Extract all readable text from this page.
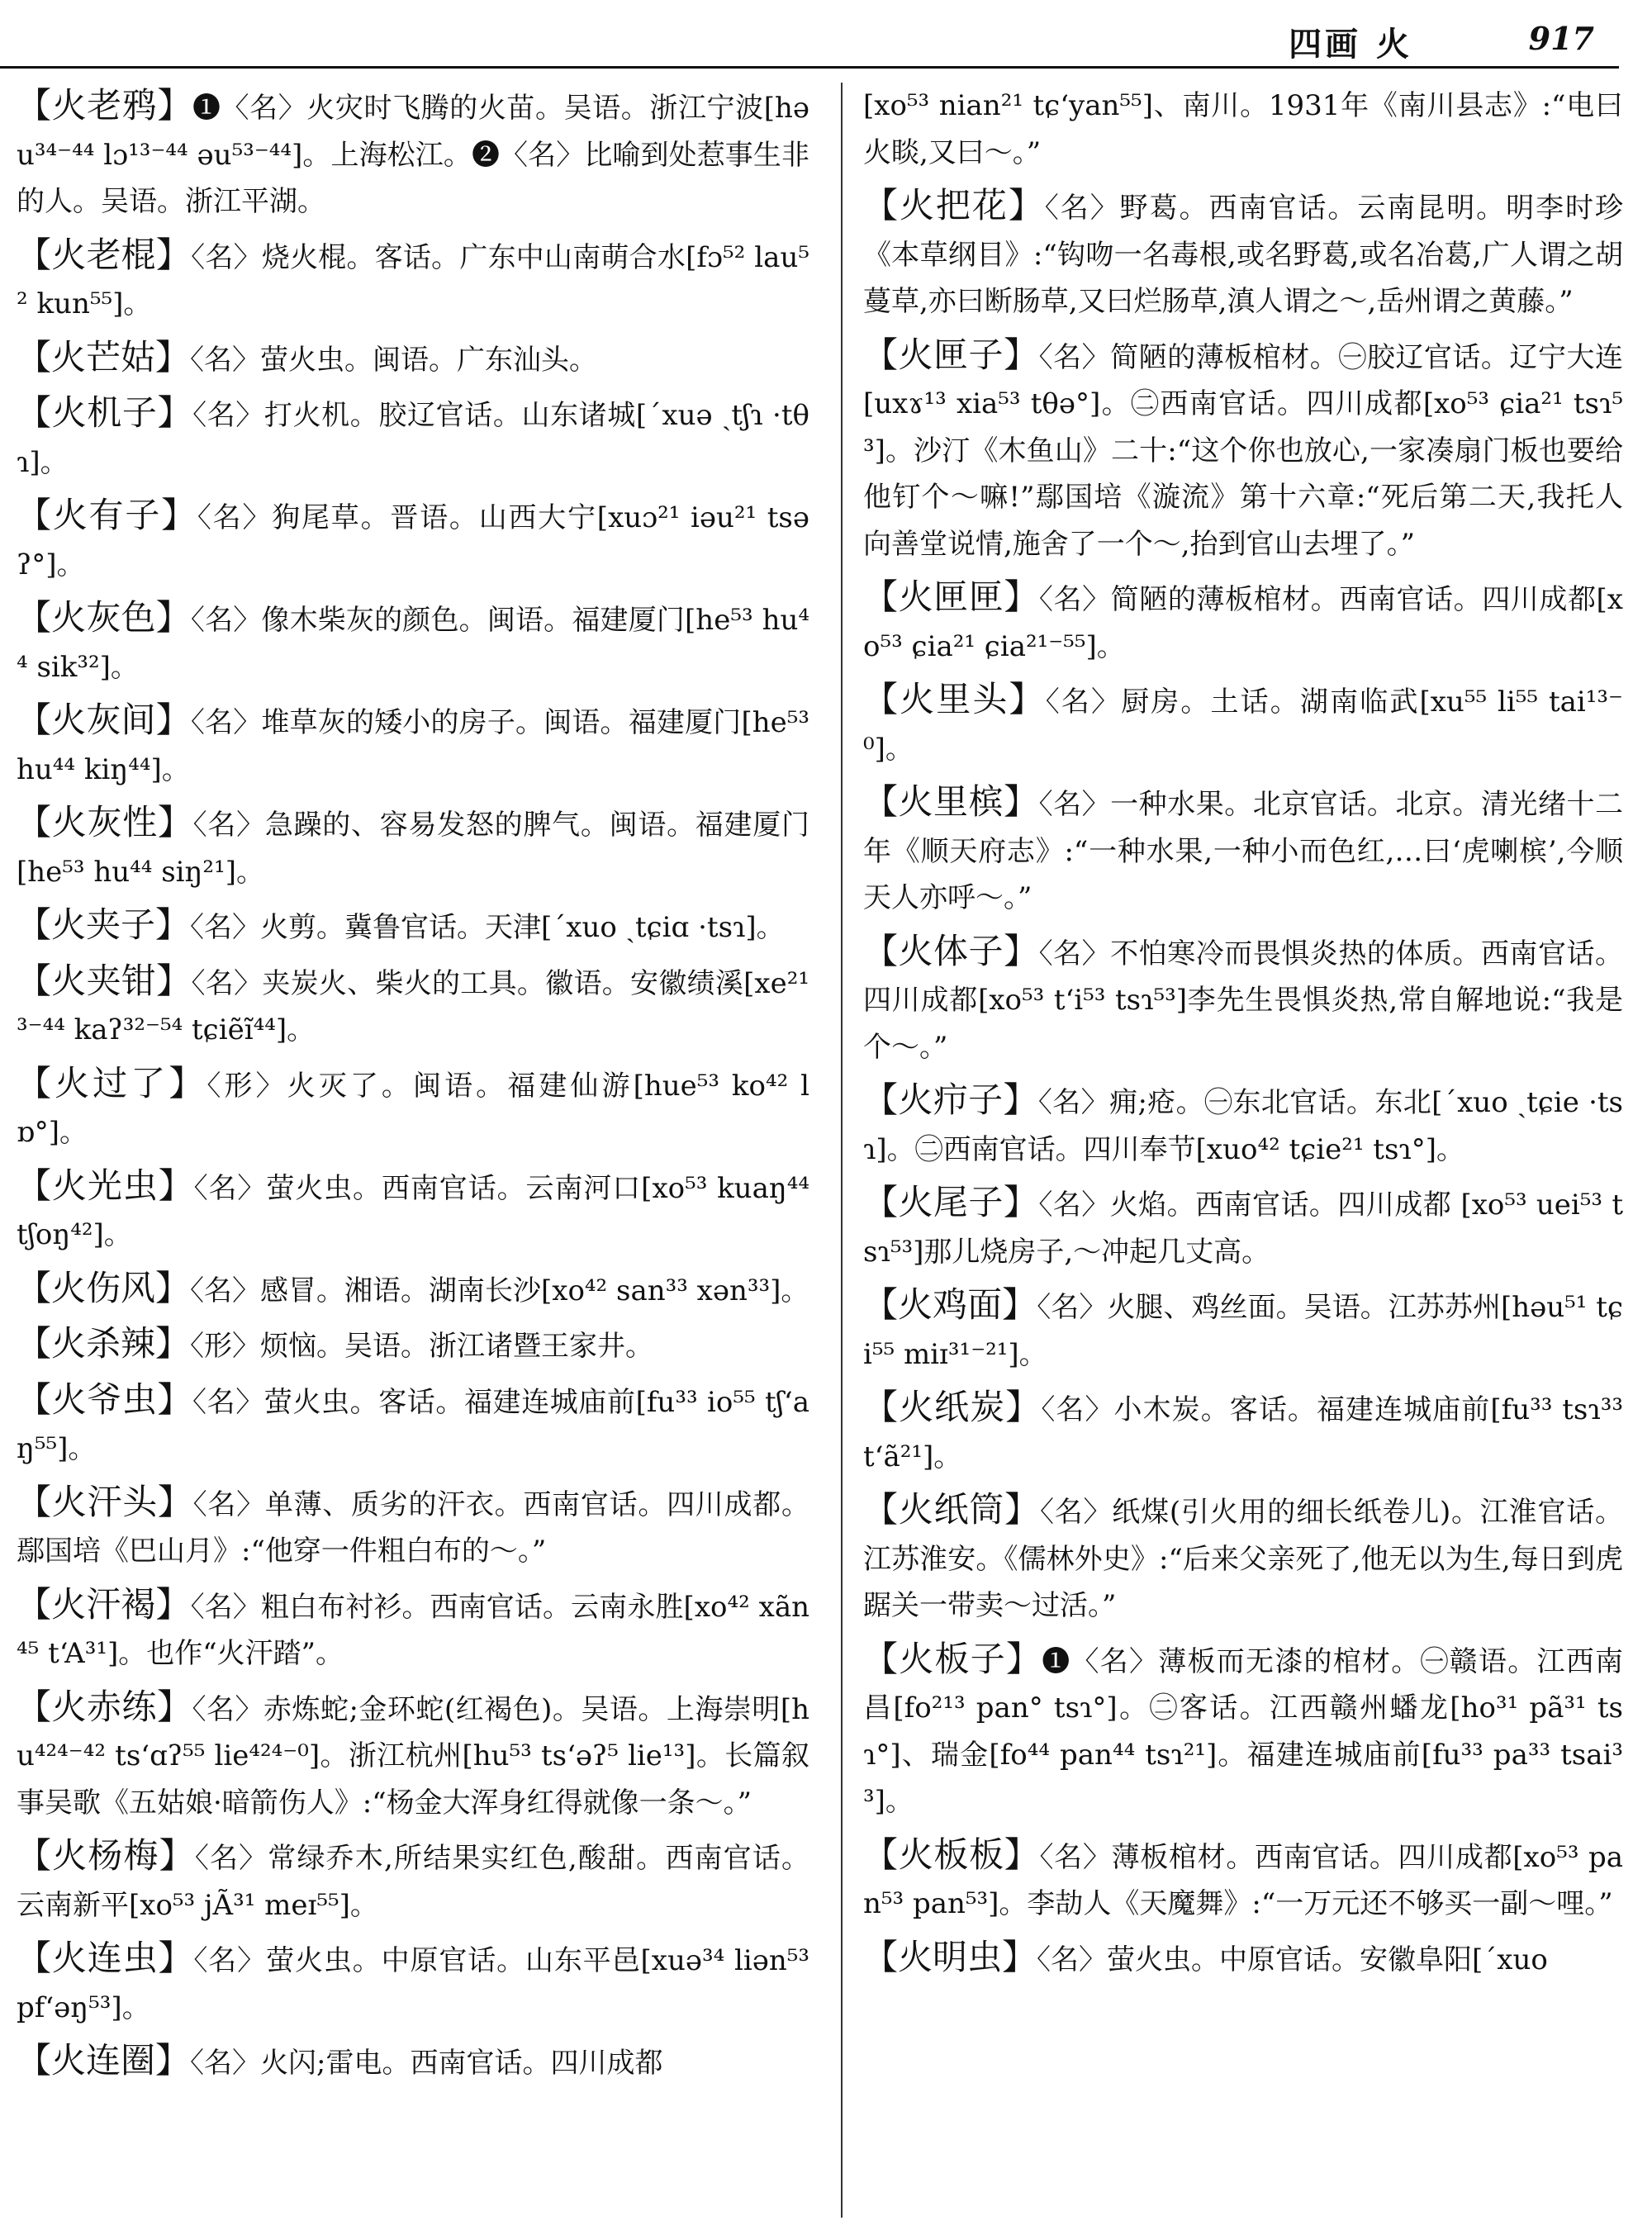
四画 火	917

【火老鸦】❶〈名〉火灾时飞腾的火苗。吴语。浙江宁波[həu³⁴⁻⁴⁴ lɔ¹³⁻⁴⁴ əu⁵³⁻⁴⁴]。上海松江。❷〈名〉比喻到处惹事生非的人。吴语。浙江平湖。

【火老棍】〈名〉烧火棍。客话。广东中山南萌合水[fɔ⁵² lau⁵² kun⁵⁵]。

【火芒姑】〈名〉萤火虫。闽语。广东汕头。

【火机子】〈名〉打火机。胶辽官话。山东诸城[ˊxuə ˏtʃɿ ·tθɿ]。

【火有子】〈名〉狗尾草。晋语。山西大宁[xuɔ²¹ iəu²¹ tsəʔ°]。

【火灰色】〈名〉像木柴灰的颜色。闽语。福建厦门[he⁵³ hu⁴⁴ sik³²]。

【火灰间】〈名〉堆草灰的矮小的房子。闽语。福建厦门[he⁵³ hu⁴⁴ kiŋ⁴⁴]。

【火灰性】〈名〉急躁的、容易发怒的脾气。闽语。福建厦门[he⁵³ hu⁴⁴ siŋ²¹]。

【火夹子】〈名〉火剪。冀鲁官话。天津[ˊxuo ˏtɕiɑ ·tsɿ]。

【火夹钳】〈名〉夹炭火、柴火的工具。徽语。安徽绩溪[xe²¹³⁻⁴⁴ kaʔ³²⁻⁵⁴ tɕiẽĩ⁴⁴]。

【火过了】〈形〉火灭了。闽语。福建仙游[hue⁵³ ko⁴² lɒ°]。

【火光虫】〈名〉萤火虫。西南官话。云南河口[xo⁵³ kuaŋ⁴⁴ tʃoŋ⁴²]。

【火伤风】〈名〉感冒。湘语。湖南长沙[xo⁴² san³³ xən³³]。

【火杀辣】〈形〉烦恼。吴语。浙江诸暨王家井。

【火爷虫】〈名〉萤火虫。客话。福建连城庙前[fu³³ io⁵⁵ tʃʻaŋ⁵⁵]。

【火汗头】〈名〉单薄、质劣的汗衣。西南官话。四川成都。鄢国培《巴山月》:“他穿一件粗白布的～。”

【火汗褐】〈名〉粗白布衬衫。西南官话。云南永胜[xo⁴² xãn⁴⁵ tʻA³¹]。也作“火汗踏”。

【火赤练】〈名〉赤炼蛇;金环蛇(红褐色)。吴语。上海崇明[hu⁴²⁴⁻⁴² tsʻɑʔ⁵⁵ lie⁴²⁴⁻⁰]。浙江杭州[hu⁵³ tsʻəʔ⁵ lie¹³]。长篇叙事吴歌《五姑娘·暗箭伤人》:“杨金大浑身红得就像一条～。”

【火杨梅】〈名〉常绿乔木,所结果实红色,酸甜。西南官话。云南新平[xo⁵³ jÃ³¹ meɪ⁵⁵]。

【火连虫】〈名〉萤火虫。中原官话。山东平邑[xuə³⁴ liən⁵³ pfʻəŋ⁵³]。

【火连圈】〈名〉火闪;雷电。西南官话。四川成都

[xo⁵³ nian²¹ tɕʻyan⁵⁵]、南川。1931年《南川县志》:“电曰火睒,又曰～。”

【火把花】〈名〉野葛。西南官话。云南昆明。明李时珍《本草纲目》:“钩吻一名毒根,或名野葛,或名冶葛,广人谓之胡蔓草,亦曰断肠草,又曰烂肠草,滇人谓之～,岳州谓之黄藤。”

【火匣子】〈名〉简陋的薄板棺材。㊀胶辽官话。辽宁大连[uxɤ¹³ xia⁵³ tθə°]。㊁西南官话。四川成都[xo⁵³ ɕia²¹ tsɿ⁵³]。沙汀《木鱼山》二十:“这个你也放心,一家凑扇门板也要给他钉个～嘛!”鄢国培《漩流》第十六章:“死后第二天,我托人向善堂说情,施舍了一个～,抬到官山去埋了。”

【火匣匣】〈名〉简陋的薄板棺材。西南官话。四川成都[xo⁵³ ɕia²¹ ɕia²¹⁻⁵⁵]。

【火里头】〈名〉厨房。土话。湖南临武[xu⁵⁵ li⁵⁵ tai¹³⁻⁰]。

【火里槟】〈名〉一种水果。北京官话。北京。清光绪十二年《顺天府志》:“一种水果,一种小而色红,…曰‘虎喇槟’,今顺天人亦呼～。”

【火体子】〈名〉不怕寒冷而畏惧炎热的体质。西南官话。四川成都[xo⁵³ tʻi⁵³ tsɿ⁵³]李先生畏惧炎热,常自解地说:“我是个～。”

【火疖子】〈名〉痈;疮。㊀东北官话。东北[ˊxuo ˏtɕie ·tsɿ]。㊁西南官话。四川奉节[xuo⁴² tɕie²¹ tsɿ°]。

【火尾子】〈名〉火焰。西南官话。四川成都 [xo⁵³ uei⁵³ tsɿ⁵³]那儿烧房子,～冲起几丈高。

【火鸡面】〈名〉火腿、鸡丝面。吴语。江苏苏州[həu⁵¹ tɕi⁵⁵ miɪ³¹⁻²¹]。

【火纸炭】〈名〉小木炭。客话。福建连城庙前[fu³³ tsɿ³³ tʻã²¹]。

【火纸筒】〈名〉纸煤(引火用的细长纸卷儿)。江淮官话。江苏淮安。《儒林外史》:“后来父亲死了,他无以为生,每日到虎踞关一带卖～过活。”

【火板子】❶〈名〉薄板而无漆的棺材。㊀赣语。江西南昌[fo²¹³ pan° tsɿ°]。㊁客话。江西赣州蟠龙[ho³¹ pã³¹ tsɿ°]、瑞金[fo⁴⁴ pan⁴⁴ tsɿ²¹]。福建连城庙前[fu³³ pa³³ tsai³³]。

【火板板】〈名〉薄板棺材。西南官话。四川成都[xo⁵³ pan⁵³ pan⁵³]。李劼人《天魔舞》:“一万元还不够买一副～哩。”

【火明虫】〈名〉萤火虫。中原官话。安徽阜阳[ˊxuo
